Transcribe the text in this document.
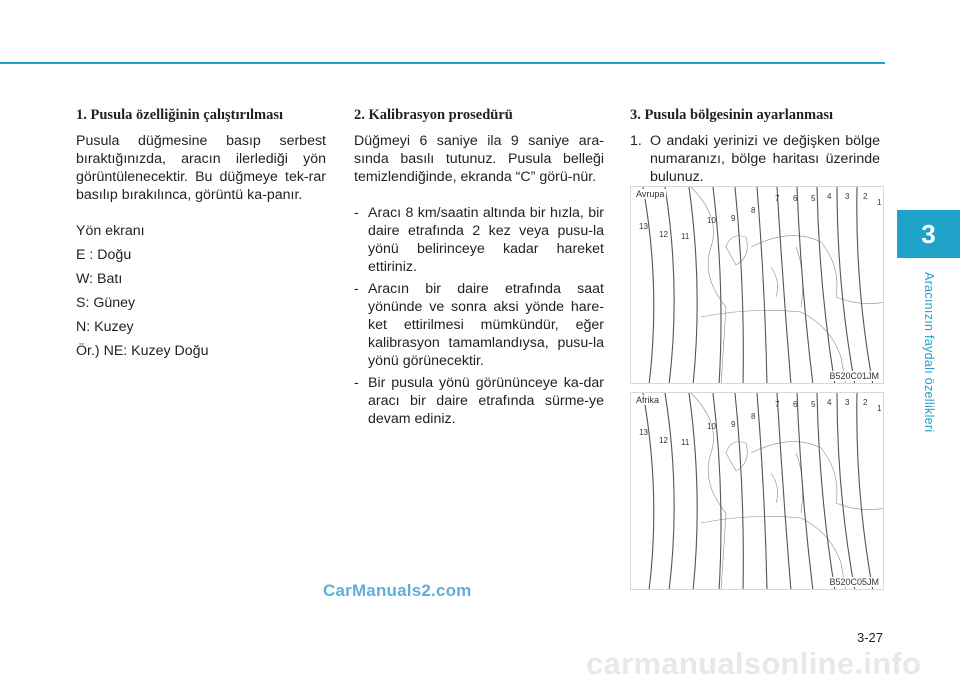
3
Aracınızın faydalı özellikleri
1. Pusula özelliğinin çalıştırılması

Pusula düğmesine basıp serbest bıraktığınızda, aracın ilerlediği yön görüntülenecektir. Bu düğmeye tek-rar basılıp bırakılınca, görüntü ka-panır.

Yön ekranı
E : Doğu
W: Batı
S: Güney
N: Kuzey
Ör.) NE: Kuzey Doğu
2. Kalibrasyon prosedürü

Düğmeyi 6 saniye ila 9 saniye ara-sında basılı tutunuz. Pusula belleği temizlendiğinde, ekranda “C” görü-nür.

- Aracı 8 km/saatin altında bir hızla, bir daire etrafında 2 kez veya pusu-la yönü belirinceye kadar hareket ettiriniz.
- Aracın bir daire etrafında saat yönünde ve sonra aksi yönde hare-ket ettirilmesi mümkündür, eğer kalibrasyon tamamlandıysa, pusu-la yönü görünecektir.
- Bir pusula yönü görününceye ka-dar aracı bir daire etrafında sürme-ye devam ediniz.
3. Pusula bölgesinin ayarlanması
1. O andaki yerinizi ve değişken bölge numaranızı, bölge haritası üzerinde bulunuz.
13
12 11
10 9
8
7 6 5 4 3 2
1
Avrupa
B520C01JM
13
12 11
10 9
8
7 6 5 4 3 2
1
Afrika
B520C05JM
CarManuals2.com
3-27
carmanualsonline.info
